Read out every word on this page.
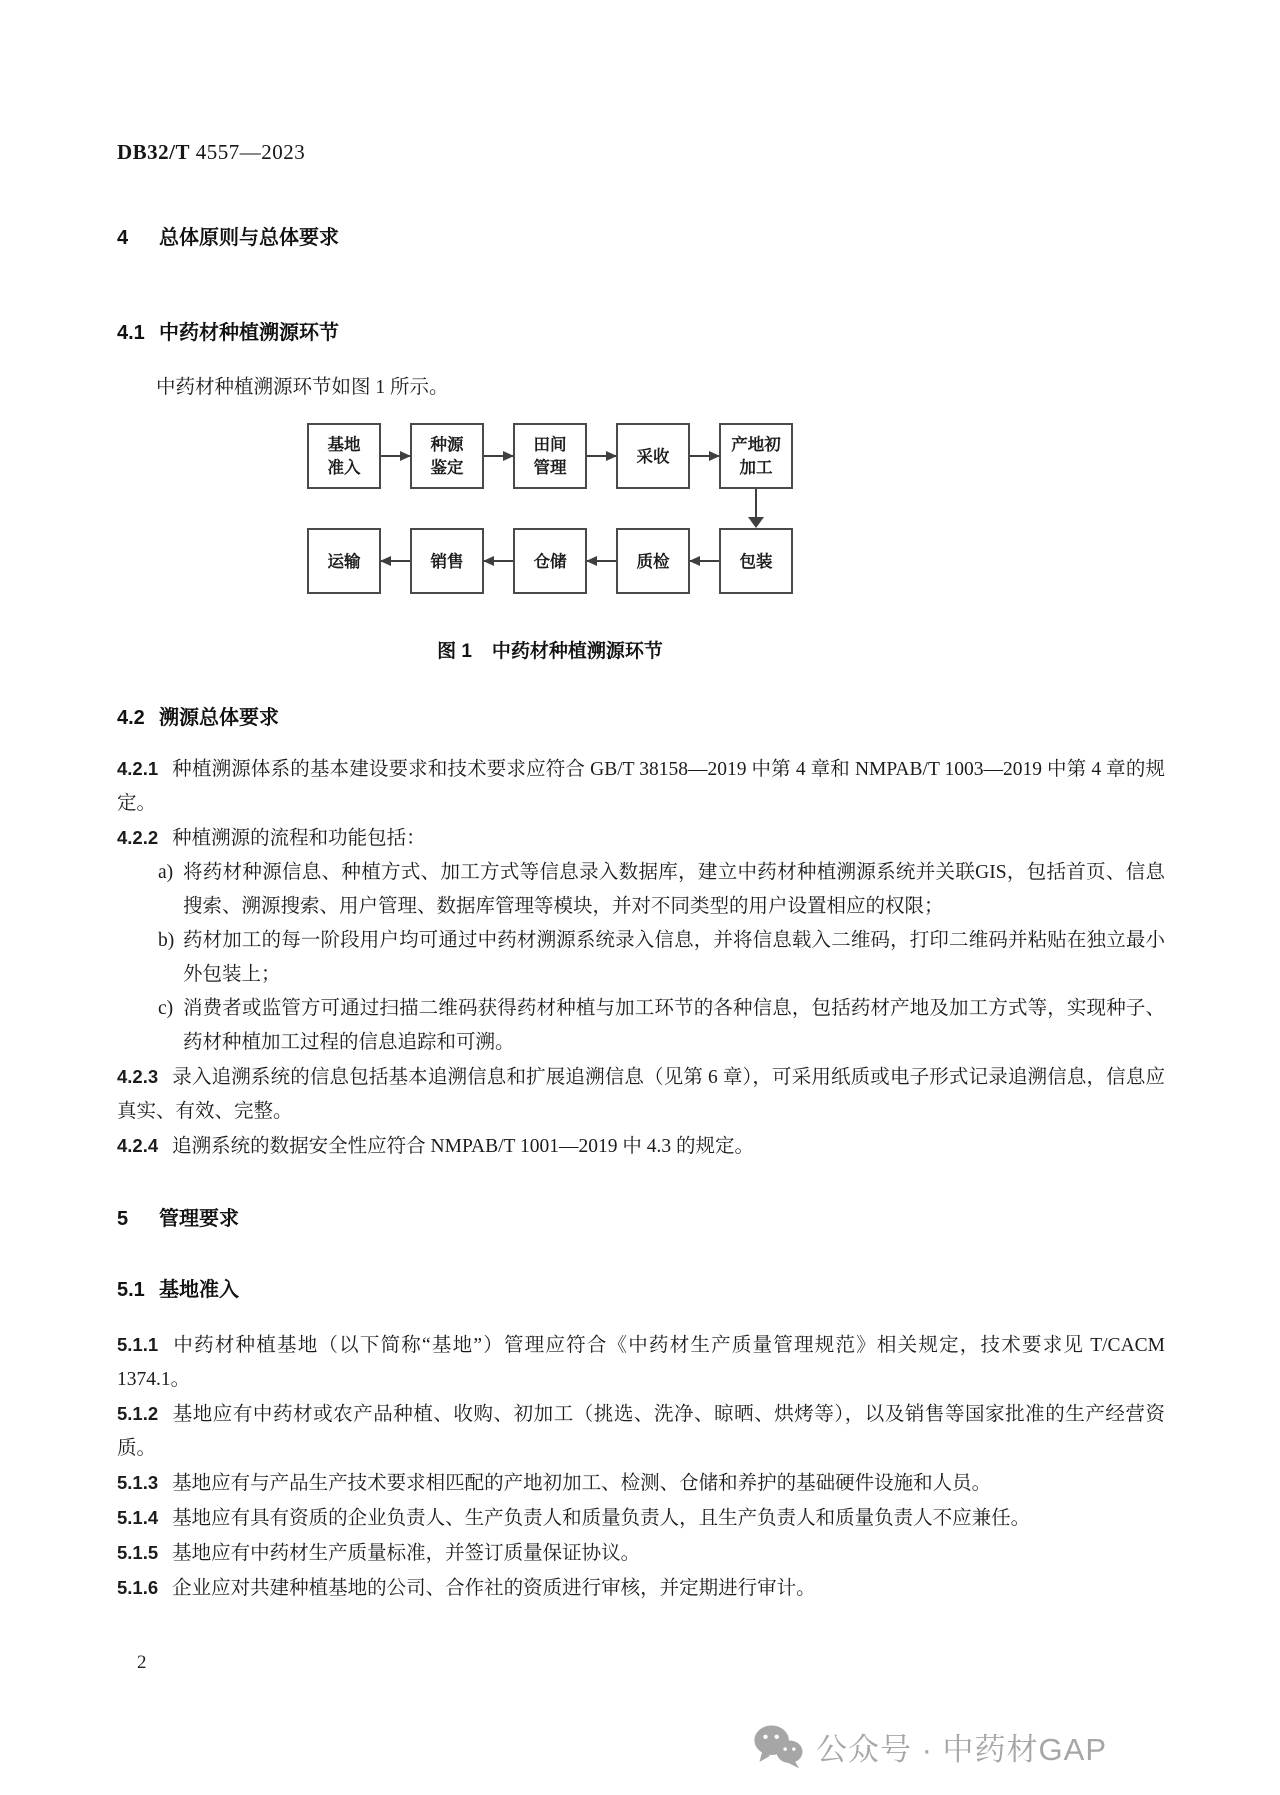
DB32/T 4557—2023
4 总体原则与总体要求
4.1 中药材种植溯源环节

中药材种植溯源环节如图 1 所示。

基地
准入
种源
鉴定
田间
管理
采收
产地初
加工
运输	销售	仓储	质检	包装
图 1 中药材种植溯源环节
4.2 溯源总体要求

4.2.1 种植溯源体系的基本建设要求和技术要求应符合 GB/T 38158—2019 中第 4 章和 NMPAB/T 1003—2019 中第 4 章的规定。

4.2.2 种植溯源的流程和功能包括：

a) 将药材种源信息、种植方式、加工方式等信息录入数据库，建立中药材种植溯源系统并关联GIS，包括首页、信息搜索、溯源搜索、用户管理、数据库管理等模块，并对不同类型的用户设置相应的权限；
b) 药材加工的每一阶段用户均可通过中药材溯源系统录入信息，并将信息载入二维码，打印二维码并粘贴在独立最小外包装上；
c) 消费者或监管方可通过扫描二维码获得药材种植与加工环节的各种信息，包括药材产地及加工方式等，实现种子、药材种植加工过程的信息追踪和可溯。

4.2.3 录入追溯系统的信息包括基本追溯信息和扩展追溯信息（见第 6 章），可采用纸质或电子形式记录追溯信息，信息应真实、有效、完整。

4.2.4 追溯系统的数据安全性应符合 NMPAB/T 1001—2019 中 4.3 的规定。

5 管理要求
5.1 基地准入

5.1.1 中药材种植基地（以下简称“基地”）管理应符合《中药材生产质量管理规范》相关规定，技术要求见 T/CACM 1374.1。

5.1.2 基地应有中药材或农产品种植、收购、初加工（挑选、洗净、晾晒、烘烤等），以及销售等国家批准的生产经营资质。

5.1.3 基地应有与产品生产技术要求相匹配的产地初加工、检测、仓储和养护的基础硬件设施和人员。

5.1.4 基地应有具有资质的企业负责人、生产负责人和质量负责人，且生产负责人和质量负责人不应兼任。

5.1.5 基地应有中药材生产质量标准，并签订质量保证协议。

5.1.6 企业应对共建种植基地的公司、合作社的资质进行审核，并定期进行审计。

2
公众号 · 中药材GAP
